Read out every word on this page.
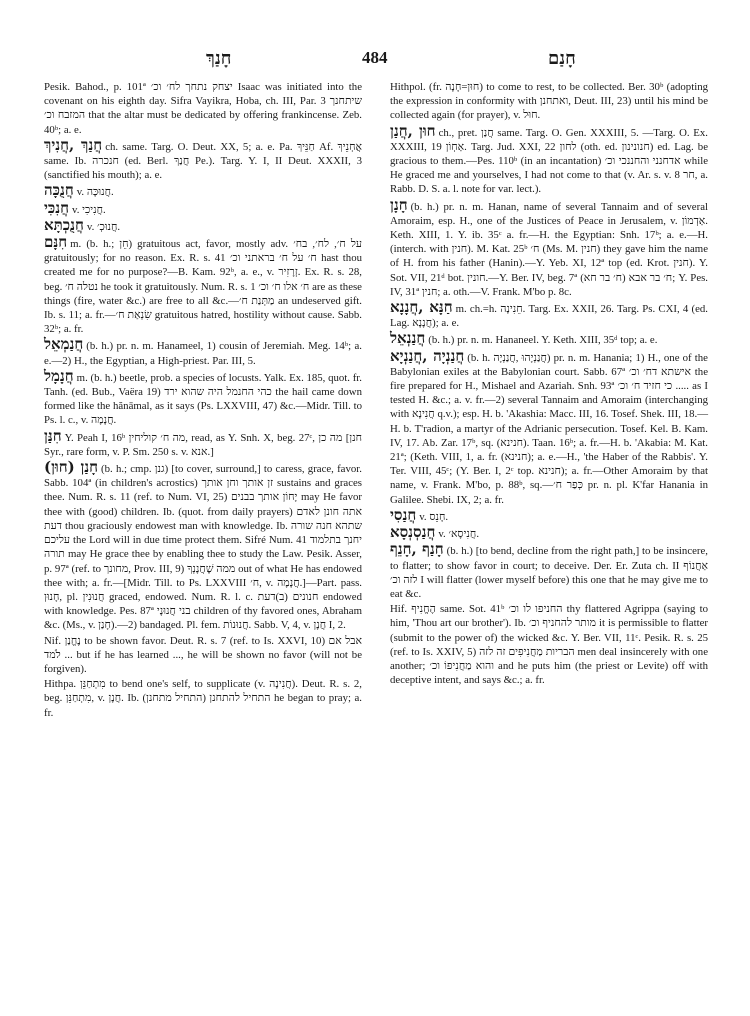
חָנַךְ	484	חָנַם
Pesik. Bahod., p. 101ª יצחק נתחך לח׳ וכ׳ Isaac was initiated into the covenant on his eighth day. Sifra Vayikra, Hoba, ch. III, Par. 3 שיתחנך המזבח וכ׳ that the altar must be dedicated by offering frankincense. Zeb. 40ᵇ; a. e.
חֲנַךְ ,חֲנִיךְ ch. same. Targ. O. Deut. XX, 5; a. e. Pa. חַנֵּיךְ Af. אֲחְנֵיךְ same. Ib. חנכרה (ed. Berl. חֲנַךְ Pe.). Targ. Y. I, II Deut. XXXII, 3 (sanctified his mouth); a. e.
חֲנֻכָּה v. חֲנוּכָּה.
חֲנִכִּי v. חֲנִיכִי.
חֲנֻכְתָּא v. חֲנוּכְ׳.
חִנָּם m. (b. h.; חֵן) gratuitous act, favor, mostly adv. על ח׳, לח׳, בח׳ gratuitously; for no reason. Ex. R. s. 41 ח׳ על ח׳ בראתני וכ׳ hast thou created me for no purpose?—B. Kam. 92ᵇ, a. e., v. זְרָזִיר. Ex. R. s. 28, beg. נטלה ח׳ he took it gratuitously. Num. R. s. 1 ח׳ אלו ח׳ וכ׳ are as these things (fire, water &c.) are free to all &c.—מַתְּנַת ח׳ an undeserved gift. Ib. s. 11; a. fr.—שִׂנְאַת ח׳ gratuitous hatred, hostility without cause. Sabb. 32ᵇ; a. fr.
חֲנַמְאֵל (b. h.) pr. n. m. Hanameel, 1) cousin of Jeremiah. Meg. 14ᵇ; a. e.—2) H., the Egyptian, a High-priest. Par. III, 5.
חֲנָמָל m. (b. h.) beetle, prob. a species of locusts. Yalk. Ex. 185, quot. fr. Tanh. (ed. Bub., Vaëra 19) כהי החנמל היה שהוא ירד the hail came down formed like the hănāmal, as it says (Ps. LXXVIII, 47) &c.—Midr. Till. to Ps. l. c., v. חֲנָמָה.
חִנַּן Y. Peah I, 16ᵇ מה ח׳ קוליחין, read, as Y. Snh. X, beg. 27ᶜ, מה כן [חנן Syr., rare form, v. P. Sm. 250 s. v. אנא.]
חָנַן (חוּן) (b. h.; cmp. גנן) [to cover, surround,] to caress, grace, favor. Sabb. 104ª (in children's acrostics) זן אותך וחן אותך sustains and graces thee. Num. R. s. 11 (ref. to Num. VI, 25) יָחוֹן אותך בבנים may He favor thee with (good) children. Ib. (quot. from daily prayers) אתה חונן לאדם דעת thou graciously endowest man with knowledge. Ib. שתהא חנה שורה עליכם the Lord will in due time protect them. Sifré Num. 41 יחנך בתלמוד תורה may He grace thee by enabling thee to study the Law. Pesik. Asser, p. 97ª (ref. to מחונך, Prov. III, 9) ממה שֶׁחֲנָנְךָ out of what He has endowed thee with; a. fr.—[Midr. Till. to Ps. LXXVIII ח׳, v. חֲנָמָה.]—Part. pass. חָנוּן, pl. חֲנוּנִין graced, endowed. Num. R. l. c. חנונים (ב)דעת endowed with knowledge. Pes. 87ª בני חֲנוּנָי children of thy favored ones, Abraham &c. (Ms., v. חָנַן).—2) bandaged. Pl. fem. חֲנוּנוֹת. Sabb. V, 4, v. חֲנָן I, 2.
Nif. נֶחֱנַן to be shown favor. Deut. R. s. 7 (ref. to Is. XXVI, 10) אבל אם לֹמד ... but if he has learned ..., he will be shown no favor (will not be forgiven).
Hithpa. מִתְחַנֵּן to bend one's self, to supplicate (v. חֲנִינָה). Deut. R. s. 2, beg. מִתְחַנֵּן, v. חֲנָן. Ib. התחיל להתחנן (התחיל מתחנן) he began to pray; a. fr.
Hithpol. (fr. חוּן=חָנָה) to come to rest, to be collected. Ber. 30ᵇ (adopting the expression in conformity with ואתחנן, Deut. III, 23) until his mind be collected again (for prayer), v. חוּל.
חוּן ,חֲנַן ch., pret. חֲנַן same. Targ. O. Gen. XXXIII, 5. —Targ. O. Ex. XXXIII, 19 אַחְוֹן. Targ. Jud. XXI, 22 לחון (oth. ed. חנונינון) ed. Lag. be gracious to them.—Pes. 110ᵇ (in an incantation) אדחנני והחננכי וכ׳ while He graced me and yourselves, I had not come to that (v. Ar. s. v. חר 8, a. Rabb. D. S. a. l. note for var. lect.).
חָנָן (b. h.) pr. n. m. Hanan, name of several Tannaim and of several Amoraim, esp. H., one of the Justices of Peace in Jerusalem, v. אַדְמוֹן. Keth. XIII, 1. Y. ib. 35ᶜ a. fr.—H. the Egyptian: Snh. 17ᵇ; a. e.—H. (interch. with חנין). M. Kat. 25ᵇ ח׳ (Ms. M. חנין) they gave him the name of H. from his father (Hanin).—Y. Yeb. XI, 12ª top (ed. Krot. חנין). Y. Sot. VII, 21ᵈ bot. חונין.—Y. Ber. IV, beg. 7ª ח׳ בר אבא (ח׳ בר חא); Y. Pes. IV, 31ª חנין; a. oth.—V. Frank. M'bo p. 8c.
חַנָּא ,חֲנָנָא m. ch.=h. חֵנִינָה. Targ. Ex. XXII, 26. Targ. Ps. CXI, 4 (ed. Lag. חֲנָנָא); a. e.
חֲנַנְאֵל (b. h.) pr. n. m. Hananeel. Y. Keth. XIII, 35ᵈ top; a. e.
חֲנַנְיָה ,חֲנַנְיָא (b. h. חֲנַנְיָהוּ ,חֲנַנְיָה) pr. n. m. Hanania; 1) H., one of the Babylonian exiles at the Babylonian court. Sabb. 67ª אישתא דח׳ וכ׳ the fire prepared for H., Mishael and Azariah. Snh. 93ª כי חזיד ח׳ וכ׳ ..... as I tested H. &c.; a. v. fr.—2) several Tannaim and Amoraim (interchanging with חֲנִינָא q.v.); esp. H. b. 'Akashia: Macc. III, 16. Tosef. Shek. III, 18.—H. b. T'radion, a martyr of the Adrianic persecution. Tosef. Kel. B. Kam. IV, 17. Ab. Zar. 17ᵇ, sq. (חנינא). Taan. 16ᵇ; a. fr.—H. b. 'Akabia: M. Kat. 21ª; (Keth. VIII, 1, a. fr. (חנינא); a. e.—H., 'the Haber of the Rabbis'. Y. Ter. VIII, 45ᶜ; (Y. Ber. I, 2ᶜ top. חנינא); a. fr.—Other Amoraim by that name, v. Frank. M'bo, p. 88ᵇ, sq.—כְּפַר ח׳ pr. n. pl. K'far Hanania in Galilee. Shebi. IX, 2; a. fr.
חֲנַסִי v. חָנֵס.
חֲנַסְנְסָא v. חֲנִיסָא׳.
חָנַף ,חָנֵף (b. h.) [to bend, decline from the right path,] to be insincere, to flatter; to show favor in court; to deceive. Der. Er. Zuta ch. II אַחֲנוֹף לזה וכ׳ I will flatter (lower myself before) this one that he may give me to eat &c.
Hif. הֶחֱנִיף same. Sot. 41ᵇ החניפו לו וכ׳ thy flattered Agrippa (saying to him, 'Thou art our brother'). Ib. מותר להחניף וכ׳ it is permissible to flatter (submit to the power of) the wicked &c. Y. Ber. VII, 11ᶜ. Pesik. R. s. 25 (ref. to Is. XXIV, 5) הבריות מַחֲנִיפִים זה לזה men deal insincerely with one another; והוא מַחֲנִיפוֹ וכ׳ and he puts him (the priest or Levite) off with deceptive intent, and says &c.; a. fr.
